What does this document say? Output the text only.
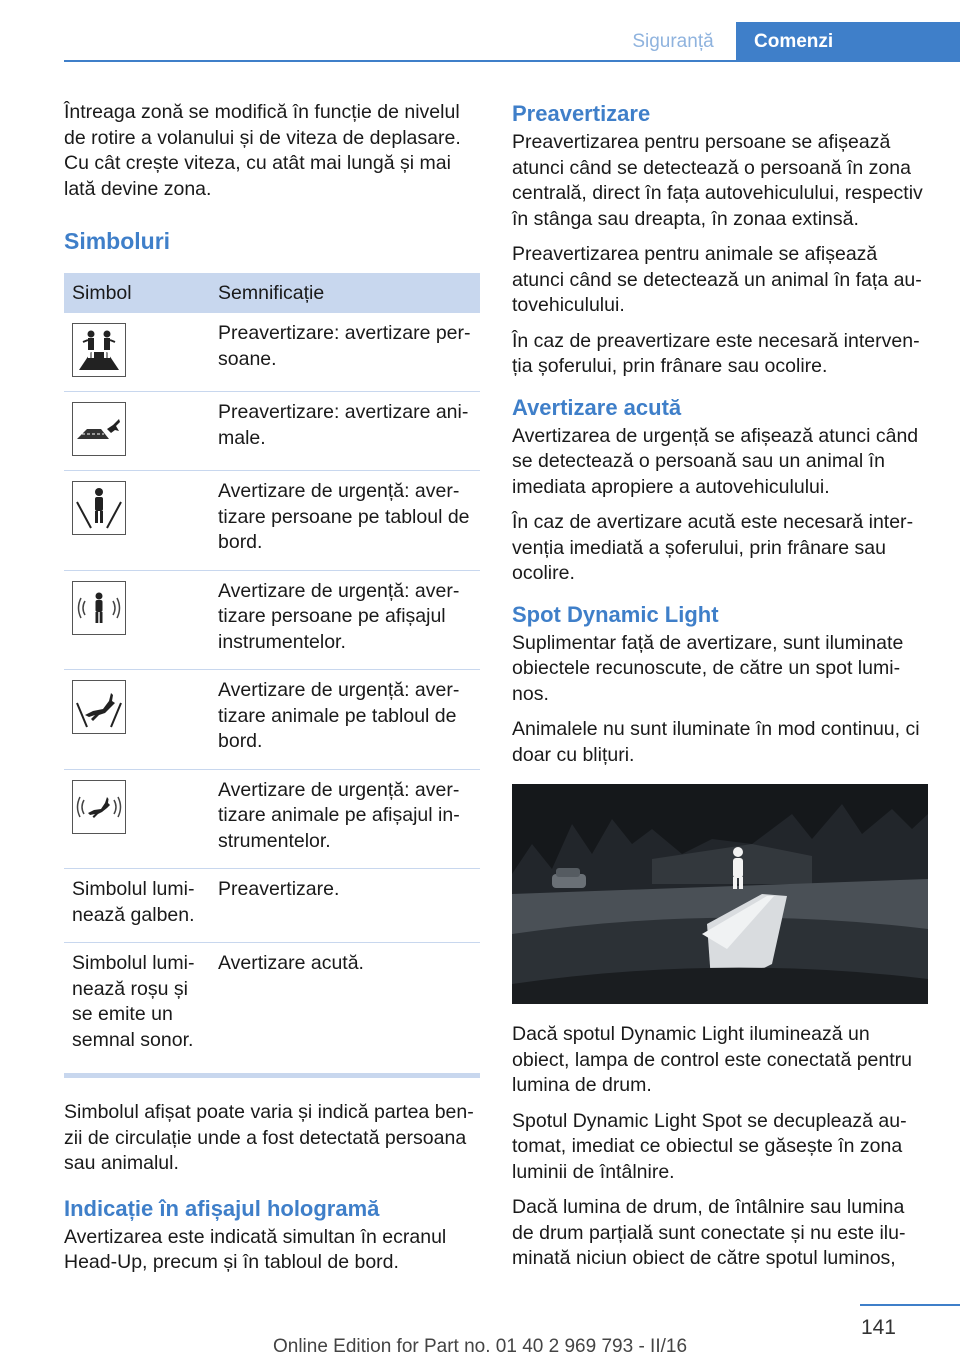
Siguranță	Comenzi

Întreaga zonă se modifică în funcție de nivelul de rotire a volanului și de viteza de deplasare. Cu cât crește viteza, cu atât mai lungă și mai lată devine zona.

Simboluri
Simbol	Semnificație

	Preavertizare: avertizare persoane.

	Preavertizare: avertizare animale.

	Avertizare de urgență: avertizare persoane pe tabloul de bord.

	Avertizare de urgență: avertizare persoane pe afișajul instrumentelor.

	Avertizare de urgență: avertizare animale pe tabloul de bord.

	Avertizare de urgență: avertizare animale pe afișajul instrumentelor.
Simbolul luminează galben.	Preavertizare.
Simbolul luminează roșu și se emite un semnal sonor.	Avertizare acută.

Simbolul afișat poate varia și indică partea benzii de circulație unde a fost detectată persoana sau animalul.

Indicație în afișajul hologramă

Avertizarea este indicată simultan în ecranul Head-Up, precum și în tabloul de bord.

Preavertizare

Preavertizarea pentru persoane se afișează atunci când se detectează o persoană în zona centrală, direct în fața autovehiculului, respectiv în stânga sau dreapta, în zonaa extinsă.

Preavertizarea pentru animale se afișează atunci când se detectează un animal în fața autovehiculului.

În caz de preavertizare este necesară intervenția șoferului, prin frânare sau ocolire.

Avertizare acută

Avertizarea de urgență se afișează atunci când se detectează o persoană sau un animal în imediata apropiere a autovehiculului.

În caz de avertizare acută este necesară intervenția imediată a șoferului, prin frânare sau ocolire.

Spot Dynamic Light

Suplimentar față de avertizare, sunt iluminate obiectele recunoscute, de către un spot luminos.

Animalele nu sunt iluminate în mod continuu, ci doar cu blițuri.

Dacă spotul Dynamic Light iluminează un obiect, lampa de control este conectată pentru lumina de drum.

Spotul Dynamic Light Spot se decuplează automat, imediat ce obiectul se găsește în zona luminii de întâlnire.

Dacă lumina de drum, de întâlnire sau lumina de drum parțială sunt conectate și nu este iluminată niciun obiect de către spotul luminos,

141
Online Edition for Part no. 01 40 2 969 793 - II/16
